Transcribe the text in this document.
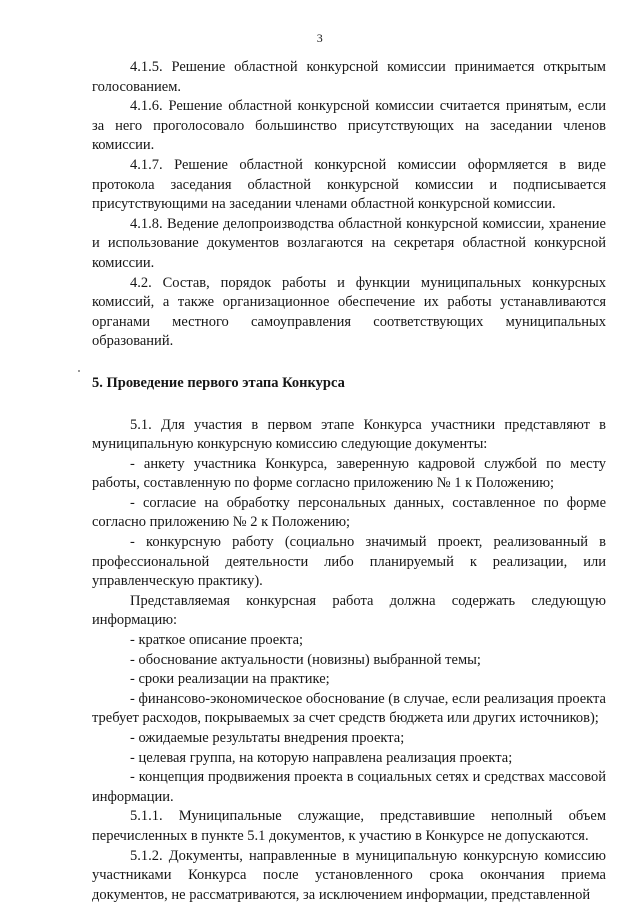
3

4.1.5. Решение областной конкурсной комиссии принимается открытым голосованием.

4.1.6. Решение областной конкурсной комиссии считается принятым, если за него проголосовало большинство присутствующих на заседании членов комиссии.

4.1.7. Решение областной конкурсной комиссии оформляется в виде протокола заседания областной конкурсной комиссии и подписывается присутствующими на заседании членами областной конкурсной комиссии.

4.1.8. Ведение делопроизводства областной конкурсной комиссии, хранение и использование документов возлагаются на секретаря областной конкурсной комиссии.

4.2. Состав, порядок работы и функции муниципальных конкурсных комиссий, а также организационное обеспечение их работы устанавливаются органами местного самоуправления соответствующих муниципальных образований.

5. Проведение первого этапа Конкурса

5.1. Для участия в первом этапе Конкурса участники представляют в муниципальную конкурсную комиссию следующие документы:

- анкету участника Конкурса, заверенную кадровой службой по месту работы, составленную по форме согласно приложению № 1 к Положению;

- согласие на обработку персональных данных, составленное по форме согласно приложению № 2 к Положению;

- конкурсную работу (социально значимый проект, реализованный в профессиональной деятельности либо планируемый к реализации, или управленческую практику).

Представляемая конкурсная работа должна содержать следующую информацию:

- краткое описание проекта;

- обоснование актуальности (новизны) выбранной темы;

- сроки реализации на практике;

- финансово-экономическое обоснование (в случае, если реализация проекта требует расходов, покрываемых за счет средств бюджета или других источников);

- ожидаемые результаты внедрения проекта;

- целевая группа, на которую направлена реализация проекта;

- концепция продвижения проекта в социальных сетях и средствах массовой информации.

5.1.1. Муниципальные служащие, представившие неполный объем перечисленных в пункте 5.1 документов, к участию в Конкурсе не допускаются.

5.1.2. Документы, направленные в муниципальную конкурсную комиссию участниками Конкурса после установленного срока окончания приема документов, не рассматриваются, за исключением информации, представленной
